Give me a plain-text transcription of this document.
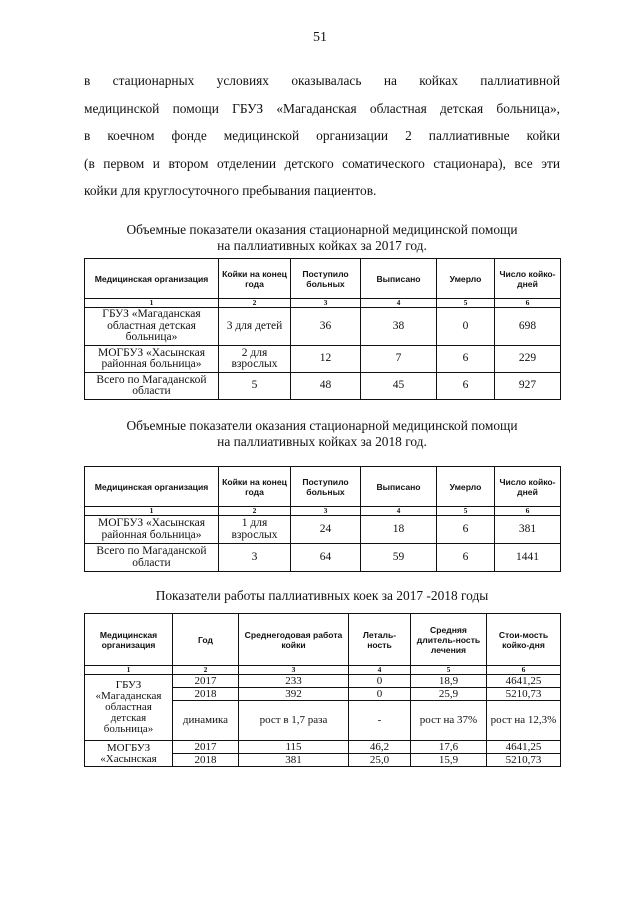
51
в стационарных условиях оказывалась на койках паллиативной
медицинской помощи ГБУЗ «Магаданская областная детская больница»,
в коечном фонде медицинской организации 2 паллиативные койки
(в первом и втором отделении детского соматического стационара), все эти
койки для круглосуточного пребывания пациентов.
Объемные показатели оказания стационарной медицинской помощи
на паллиативных койках за 2017 год.
Медицинская организация	Койки на конец года	Поступило больных	Выписано	Умерло	Число койко-дней
1	2	3	4	5	6
ГБУЗ «Магаданская областная детская больница»	3 для детей	36	38	0	698
МОГБУЗ «Хасынская районная больница»	2 для взрослых	12	7	6	229
Всего по Магаданской области	5	48	45	6	927
Объемные показатели оказания стационарной медицинской помощи
на паллиативных койках за 2018 год.
Медицинская организация	Койки на конец года	Поступило больных	Выписано	Умерло	Число койко-дней
1	2	3	4	5	6
МОГБУЗ «Хасынская районная больница»	1 для взрослых	24	18	6	381
Всего по Магаданской области	3	64	59	6	1441
Показатели работы паллиативных коек за 2017 -2018 годы
Медицинская организация	Год	Среднегодовая работа койки	Леталь-ность	Средняя длитель-ность лечения	Стои-мость койко-дня
1	2	3	4	5	6
ГБУЗ «Магаданская областная детская больница»	2017	233	0	18,9	4641,25
	2018	392	0	25,9	5210,73
	динамика	рост в 1,7 раза	-	рост на 37%	рост на 12,3%
МОГБУЗ «Хасынская	2017	115	46,2	17,6	4641,25
	2018	381	25,0	15,9	5210,73
